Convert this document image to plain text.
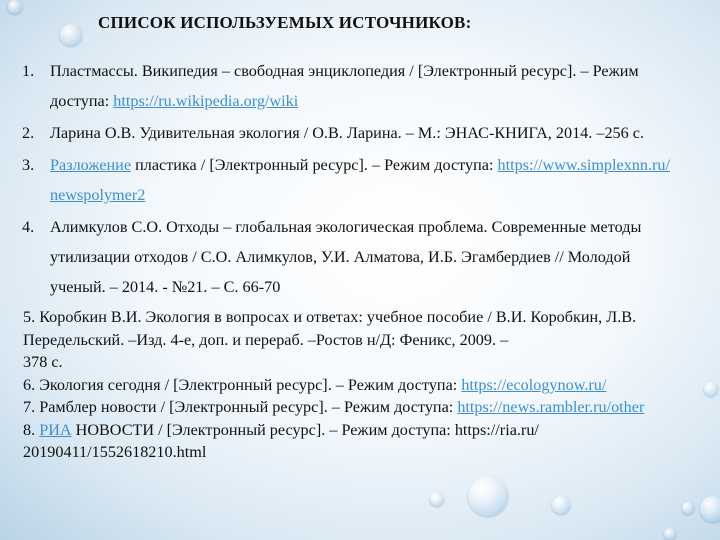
СПИСОК ИСПОЛЬЗУЕМЫХ ИСТОЧНИКОВ:
1. Пластмассы. Википедия – свободная энциклопедия / [Электронный ресурс]. – Режим
доступа: https://ru.wikipedia.org/wiki
2. Ларина О.В. Удивительная экология / О.В. Ларина. – М.: ЭНАС-КНИГА, 2014. –256 с.
3. Разложение пластика / [Электронный ресурс]. – Режим доступа: https://www.simplexnn.ru/
newspolymer2
4. Алимкулов С.О. Отходы – глобальная экологическая проблема. Современные методы
утилизации отходов / С.О. Алимкулов, У.И. Алматова, И.Б. Эгамбердиев // Молодой
ученый. – 2014. - №21. – С. 66-70
5. Коробкин В.И. Экология в вопросах и ответах: учебное пособие / В.И. Коробкин, Л.В.
Передельский. –Изд. 4-е, доп. и перераб. –Ростов н/Д: Феникс, 2009. –
378 с.
6. Экология сегодня / [Электронный ресурс]. – Режим доступа: https://ecologynow.ru/
7. Рамблер новости / [Электронный ресурс]. – Режим доступа: https://news.rambler.ru/other
8. РИА НОВОСТИ / [Электронный ресурс]. – Режим доступа: https://ria.ru/
20190411/1552618210.html
